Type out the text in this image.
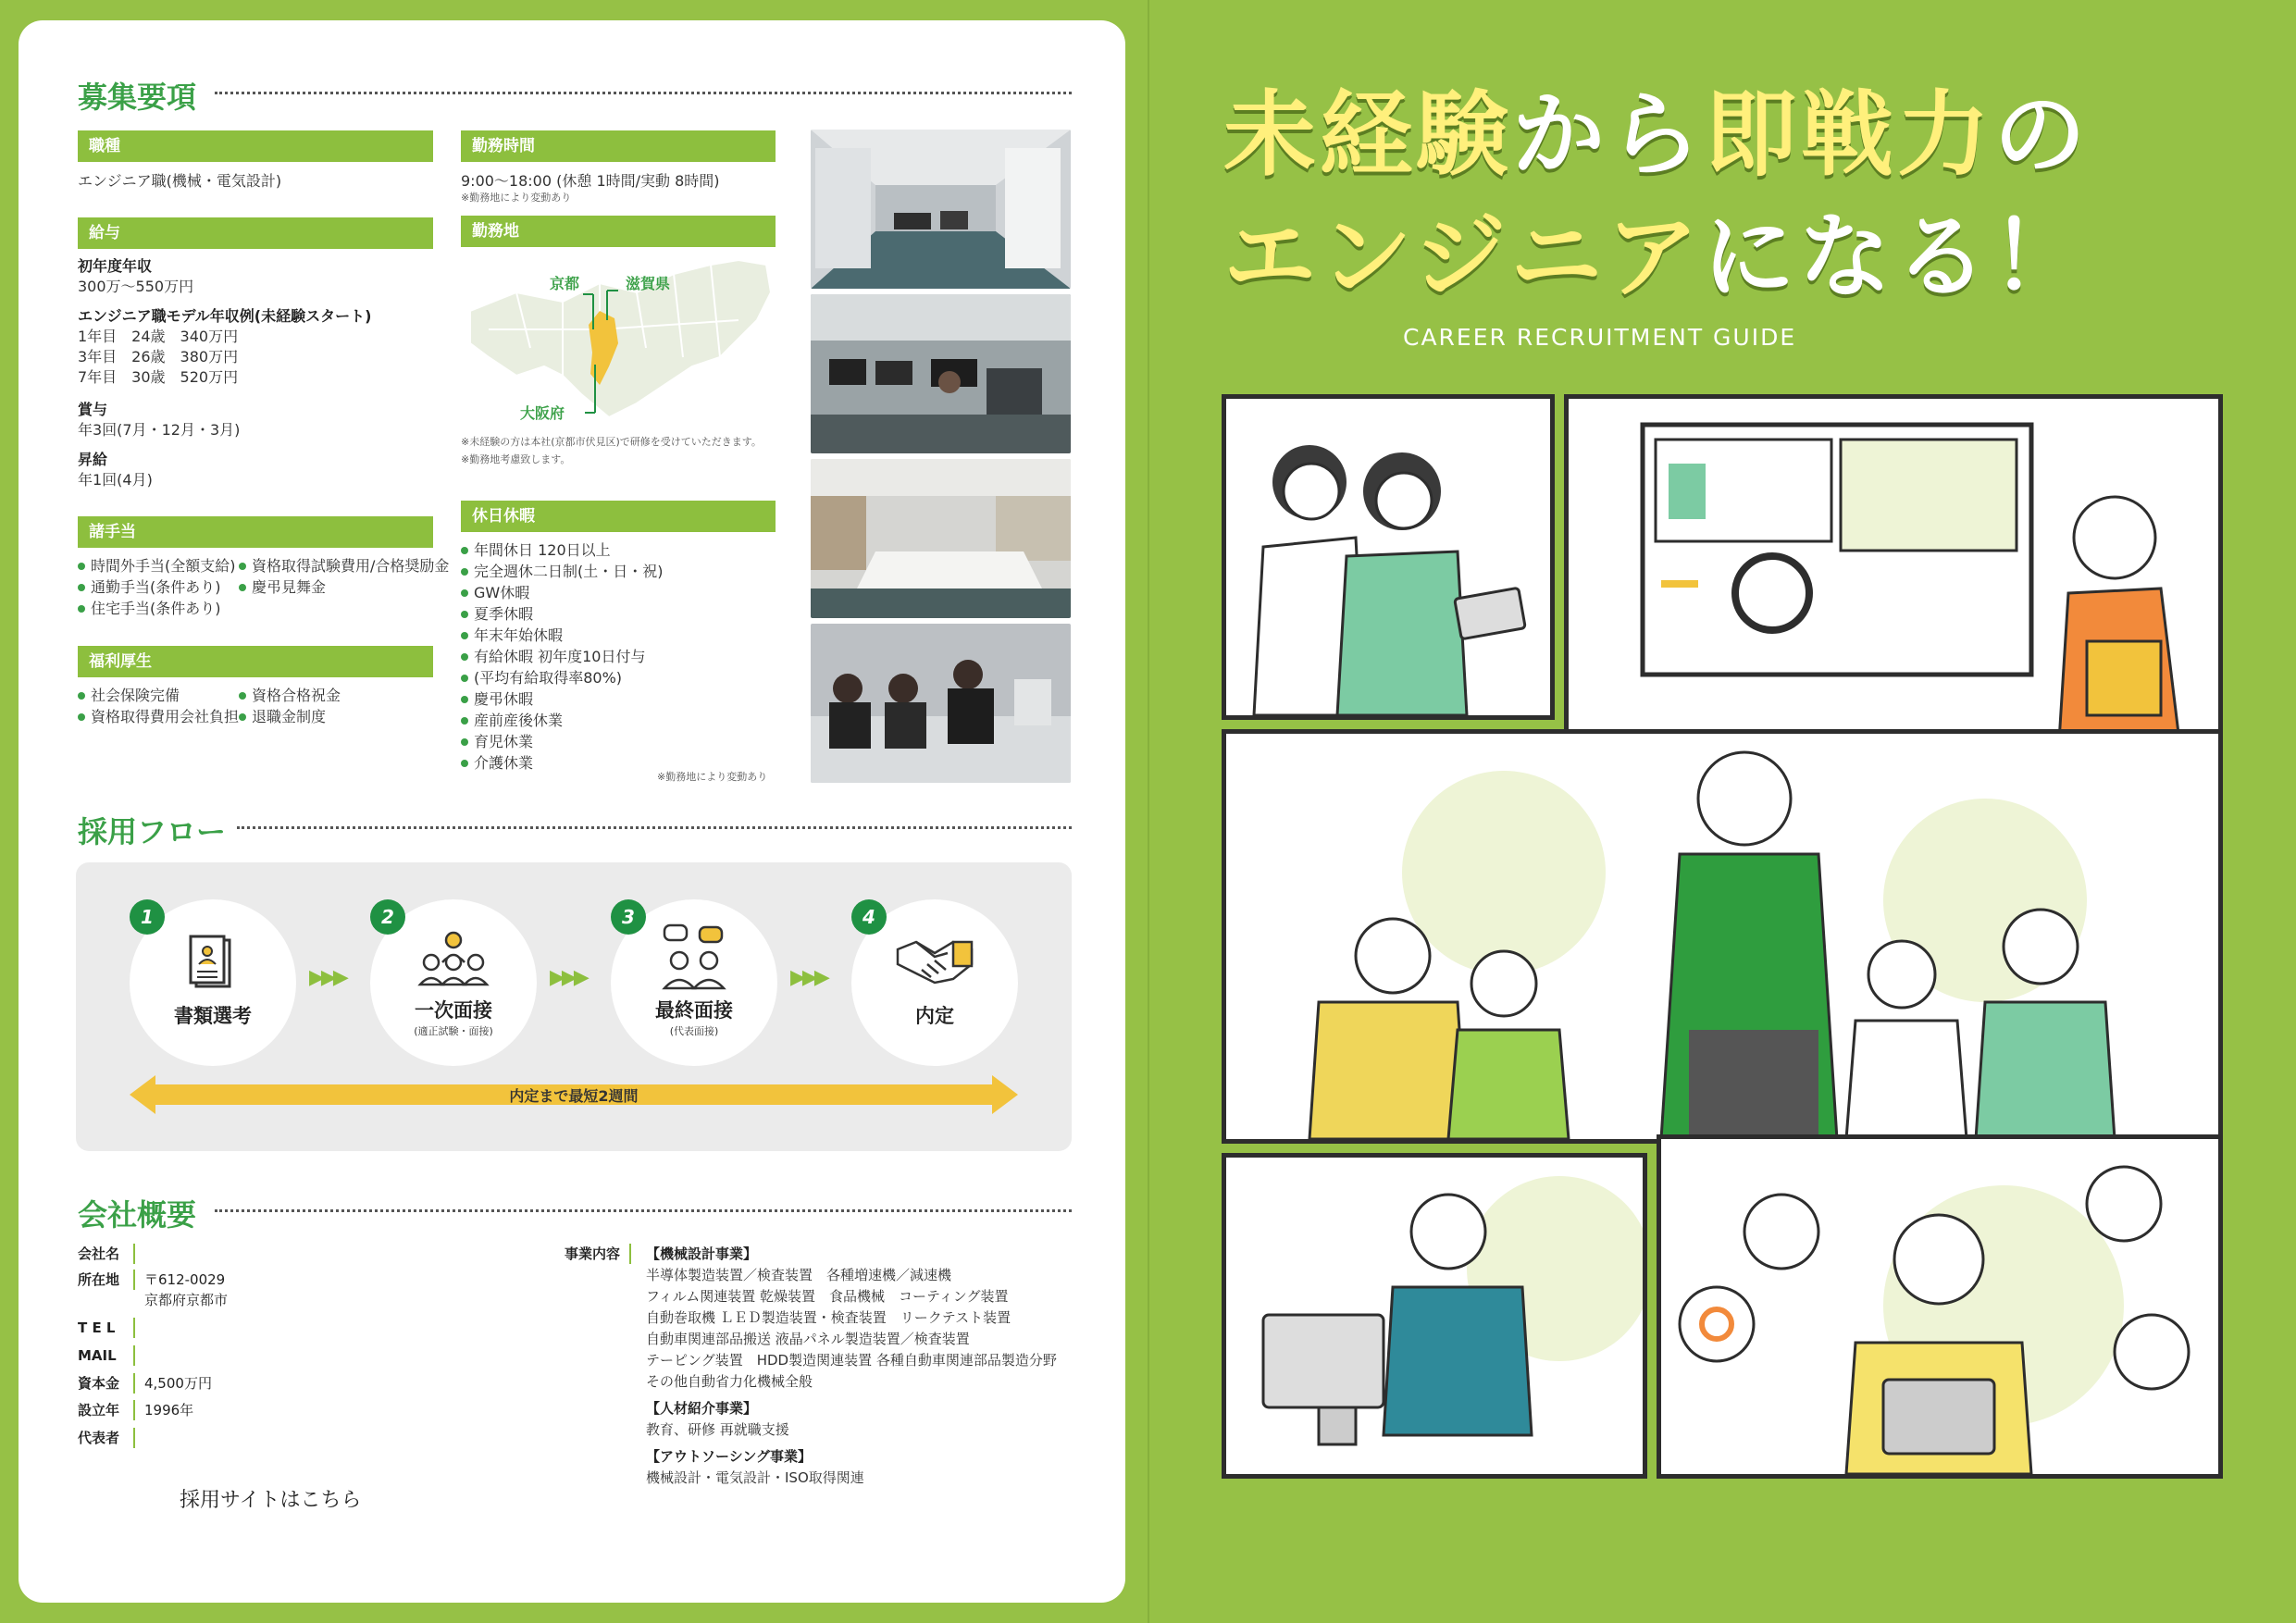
募集要項
職種
エンジニア職(機械・電気設計)
給与
初年度年収
300万〜550万円
エンジニア職モデル年収例(未経験スタート)
1年目　24歳　340万円
3年目　26歳　380万円
7年目　30歳　520万円
賞与
年3回(7月・12月・3月)
昇給
年1回(4月)
諸手当
時間外手当(全額支給)
通勤手当(条件あり)
住宅手当(条件あり)
資格取得試験費用/合格奨励金
慶弔見舞金
福利厚生
社会保険完備
資格取得費用会社負担
資格合格祝金
退職金制度
勤務時間
9:00〜18:00 (休憩 1時間/実動 8時間)
※勤務地により変動あり
勤務地
京都	滋賀県
大阪府
※未経験の方は本社(京都市伏見区)で研修を受けていただきます。
※勤務地考慮致します。
休日休暇
年間休日 120日以上
完全週休二日制(土・日・祝)
GW休暇
夏季休暇
年末年始休暇
有給休暇 初年度10日付与
(平均有給取得率80%)
慶弔休暇
産前産後休業
育児休業
介護休業
※勤務地により変動あり
採用フロー
書類選考
1
▶▶▶
一次面接
(適正試験・面接)
2
▶▶▶
最終面接
(代表面接)
3
▶▶▶
内定
4
内定まで最短2週間
会社概要
会社名
所在地 〒612-0029
京都府京都市
T E L
MAIL
資本金 4,500万円
設立年 1996年
代表者
事業内容	【機械設計事業】
半導体製造装置／検査装置　各種増速機／減速機
フィルム関連装置 乾燥装置　食品機械　コーティング装置
自動巻取機 ＬＥＤ製造装置・検査装置　リークテスト装置
自動車関連部品搬送 液晶パネル製造装置／検査装置
テーピング装置　HDD製造関連装置 各種自動車関連部品製造分野
その他自動省力化機械全般
【人材紹介事業】
教育、研修 再就職支援
【アウトソーシング事業】
機械設計・電気設計・ISO取得関連
採用サイトはこちら
未経験から即戦力の
エンジニアになる！
CAREER RECRUITMENT GUIDE
